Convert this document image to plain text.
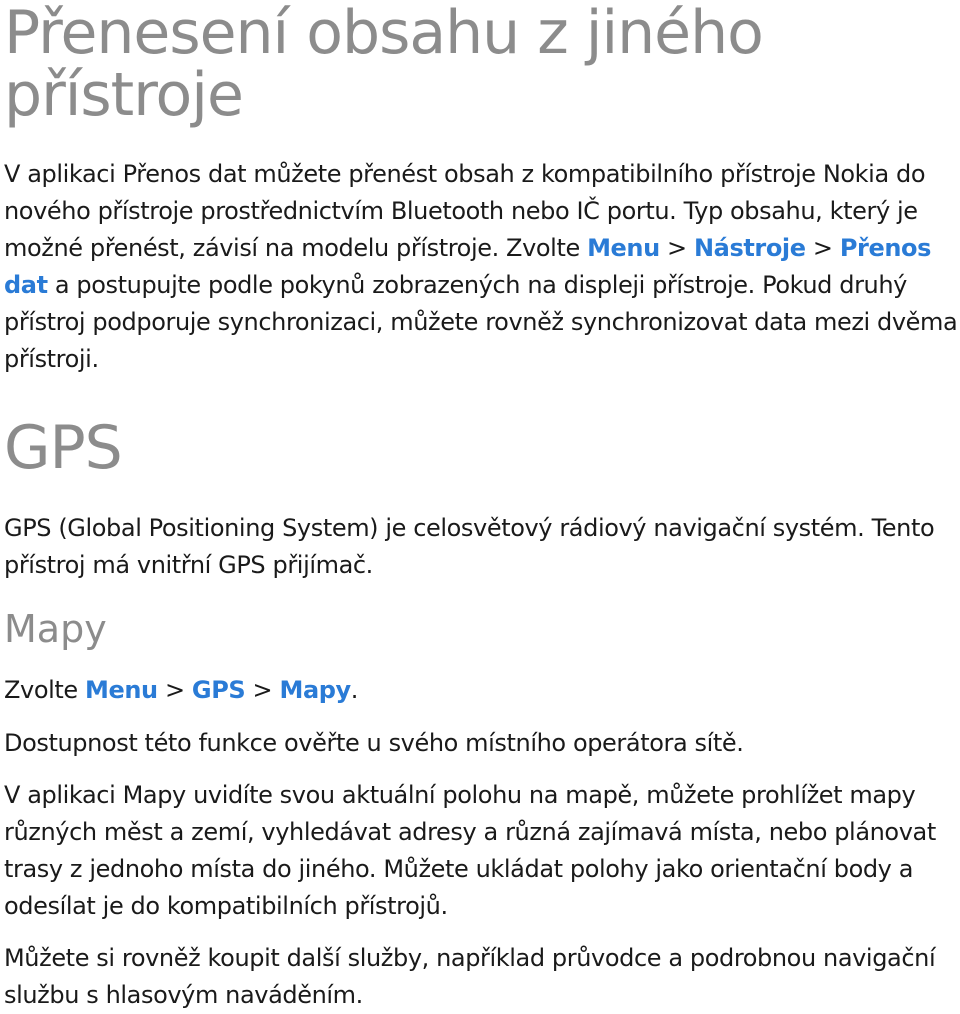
Přenesení obsahu z jiného přístroje

V aplikaci Přenos dat můžete přenést obsah z kompatibilního přístroje Nokia do nového přístroje prostřednictvím Bluetooth nebo IČ portu. Typ obsahu, který je možné přenést, závisí na modelu přístroje. Zvolte Menu > Nástroje > Přenos dat a postupujte podle pokynů zobrazených na displeji přístroje. Pokud druhý přístroj podporuje synchronizaci, můžete rovněž synchronizovat data mezi dvěma přístroji.

GPS

GPS (Global Positioning System) je celosvětový rádiový navigační systém. Tento přístroj má vnitřní GPS přijímač.

Mapy

Zvolte Menu > GPS > Mapy.

Dostupnost této funkce ověřte u svého místního operátora sítě.

V aplikaci Mapy uvidíte svou aktuální polohu na mapě, můžete prohlížet mapy různých měst a zemí, vyhledávat adresy a různá zajímavá místa, nebo plánovat trasy z jednoho místa do jiného. Můžete ukládat polohy jako orientační body a odesílat je do kompatibilních přístrojů.

Můžete si rovněž koupit další služby, například průvodce a podrobnou navigační službu s hlasovým naváděním.
